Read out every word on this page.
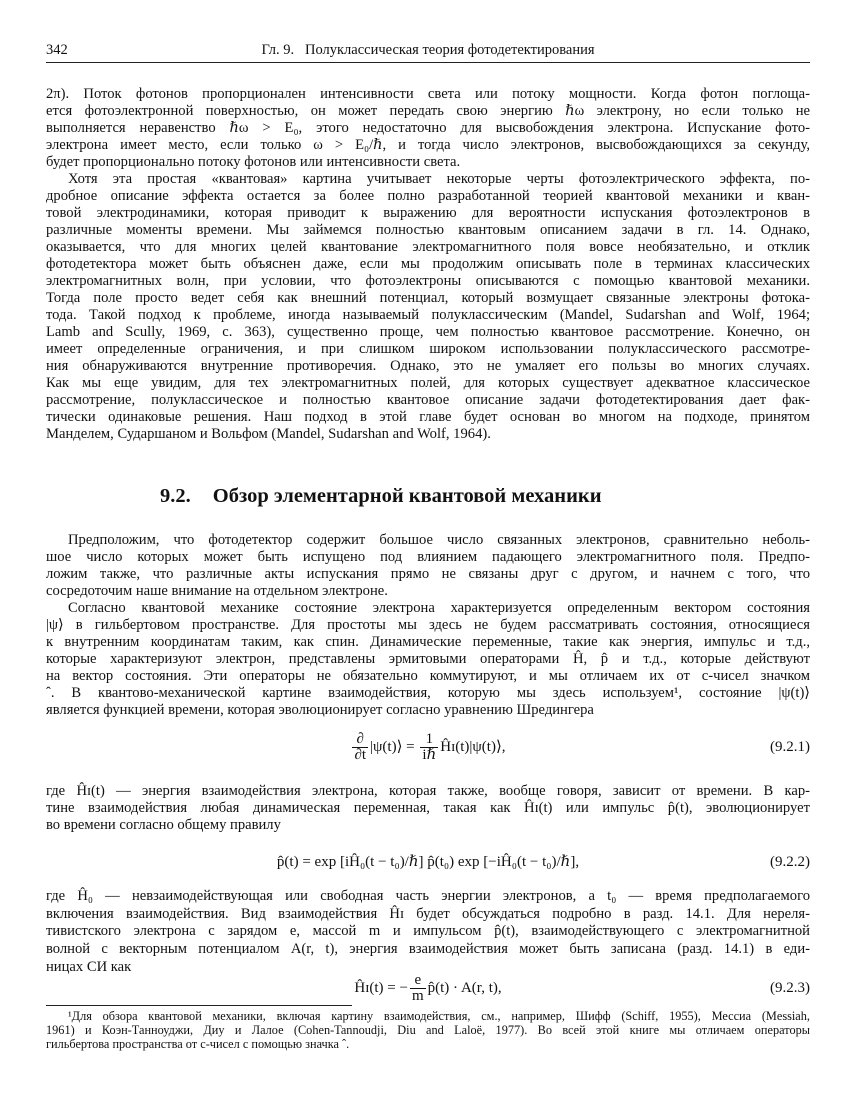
342	Гл. 9.   Полуклассическая теория фотодетектирования
2π). Поток фотонов пропорционален интенсивности света или потоку мощности. Когда фотон поглоща-
ется фотоэлектронной поверхностью, он может передать свою энергию ℏω электрону, но если только не
выполняется неравенство ℏω > E₀, этого недостаточно для высвобождения электрона. Испускание фото-
электрона имеет место, если только ω > E₀/ℏ, и тогда число электронов, высвобождающихся за секунду,
будет пропорционально потоку фотонов или интенсивности света.
Хотя эта простая «квантовая» картина учитывает некоторые черты фотоэлектрического эффекта, по-
дробное описание эффекта остается за более полно разработанной теорией квантовой механики и кван-
товой электродинамики, которая приводит к выражению для вероятности испускания фотоэлектронов в
различные моменты времени. Мы займемся полностью квантовым описанием задачи в гл. 14. Однако,
оказывается, что для многих целей квантование электромагнитного поля вовсе необязательно, и отклик
фотодетектора может быть объяснен даже, если мы продолжим описывать поле в терминах классических
электромагнитных волн, при условии, что фотоэлектроны описываются с помощью квантовой механики.
Тогда поле просто ведет себя как внешний потенциал, который возмущает связанные электроны фотока-
тода. Такой подход к проблеме, иногда называемый полуклассическим (Mandel, Sudarshan and Wolf, 1964;
Lamb and Scully, 1969, с. 363), существенно проще, чем полностью квантовое рассмотрение. Конечно, он
имеет определенные ограничения, и при слишком широком использовании полуклассического рассмотре-
ния обнаруживаются внутренние противоречия. Однако, это не умаляет его пользы во многих случаях.
Как мы еще увидим, для тех электромагнитных полей, для которых существует адекватное классическое
рассмотрение, полуклассическое и полностью квантовое описание задачи фотодетектирования дает фак-
тически одинаковые решения. Наш подход в этой главе будет основан во многом на подходе, принятом
Манделем, Сударшаном и Вольфом (Mandel, Sudarshan and Wolf, 1964).
9.2. Обзор элементарной квантовой механики
Предположим, что фотодетектор содержит большое число связанных электронов, сравнительно неболь-
шое число которых может быть испущено под влиянием падающего электромагнитного поля. Предпо-
ложим также, что различные акты испускания прямо не связаны друг с другом, и начнем с того, что
сосредоточим наше внимание на отдельном электроне.
Согласно квантовой механике состояние электрона характеризуется определенным вектором состояния
|ψ⟩ в гильбертовом пространстве. Для простоты мы здесь не будем рассматривать состояния, относящиеся
к внутренним координатам таким, как спин. Динамические переменные, такие как энергия, импульс и т.д.,
которые характеризуют электрон, представлены эрмитовыми операторами Ĥ, p̂ и т.д., которые действуют
на вектор состояния. Эти операторы не обязательно коммутируют, и мы отличаем их от c-чисел значком
ˆ. В квантово-механической картине взаимодействия, которую мы здесь используем¹, состояние |ψ(t)⟩
является функцией времени, которая эволюционирует согласно уравнению Шредингера
$\frac{\partial}{\partial t}$ |ψ(t)⟩ = $\frac{1}{\text{iℏ}}$ Ĥɪ(t)|ψ(t)⟩,	(9.2.1)
где Ĥɪ(t) — энергия взаимодействия электрона, которая также, вообще говоря, зависит от времени. В кар-
тине взаимодействия любая динамическая переменная, такая как Ĥɪ(t) или импульс p̂(t), эволюционирует
во времени согласно общему правилу
p̂(t) = exp [iĤ₀(t − t₀)/ℏ] p̂(t₀) exp [−iĤ₀(t − t₀)/ℏ],	(9.2.2)
где Ĥ₀ — невзаимодействующая или свободная часть энергии электронов, а t₀ — время предполагаемого
включения взаимодействия. Вид взаимодействия Ĥɪ будет обсуждаться подробно в разд. 14.1. Для нереля-
тивистского электрона с зарядом e, массой m и импульсом p̂(t), взаимодействующего с электромагнитной
волной с векторным потенциалом A(r, t), энергия взаимодействия может быть записана (разд. 14.1) в еди-
ницах СИ как
Ĥɪ(t) = − $\frac{e}{m}$ p̂(t) · A(r, t),	(9.2.3)
¹Для обзора квантовой механики, включая картину взаимодействия, см., например, Шифф (Schiff, 1955), Мессиа (Messiah,
1961) и Коэн-Танноуджи, Диу и Лалое (Cohen-Tannoudji, Diu and Laloë, 1977). Во всей этой книге мы отличаем операторы
гильбертова пространства от c-чисел с помощью значка ˆ.
